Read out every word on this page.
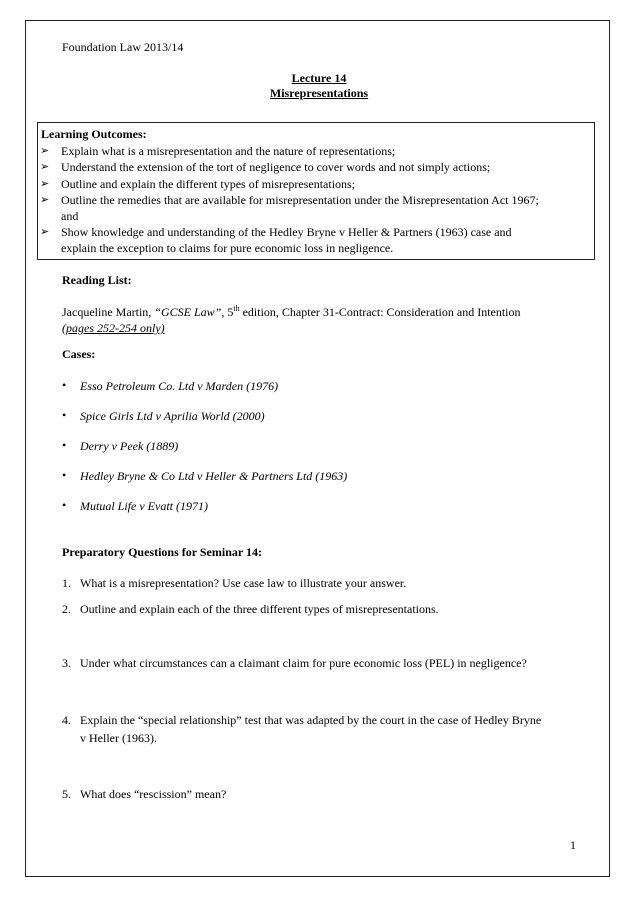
Foundation Law 2013/14
Lecture 14
Misrepresentations
Learning Outcomes:
➢ Explain what is a misrepresentation and the nature of representations;
➢ Understand the extension of the tort of negligence to cover words and not simply actions;
➢ Outline and explain the different types of misrepresentations;
➢ Outline the remedies that are available for misrepresentation under the Misrepresentation Act 1967;
and
➢ Show knowledge and understanding of the Hedley Bryne v Heller & Partners (1963) case and
explain the exception to claims for pure economic loss in negligence.
Reading List:
Jacqueline Martin, “GCSE Law”, 5th edition, Chapter 31-Contract: Consideration and Intention
(pages 252-254 only)
Cases:
• Esso Petroleum Co. Ltd v Marden (1976)
• Spice Girls Ltd v Aprilia World (2000)
• Derry v Peek (1889)
• Hedley Bryne & Co Ltd v Heller & Partners Ltd (1963)
• Mutual Life v Evatt (1971)
Preparatory Questions for Seminar 14:
1. What is a misrepresentation? Use case law to illustrate your answer.
2. Outline and explain each of the three different types of misrepresentations.
3. Under what circumstances can a claimant claim for pure economic loss (PEL) in negligence?
4. Explain the “special relationship” test that was adapted by the court in the case of Hedley Bryne
v Heller (1963).
5. What does “rescission” mean?
1
